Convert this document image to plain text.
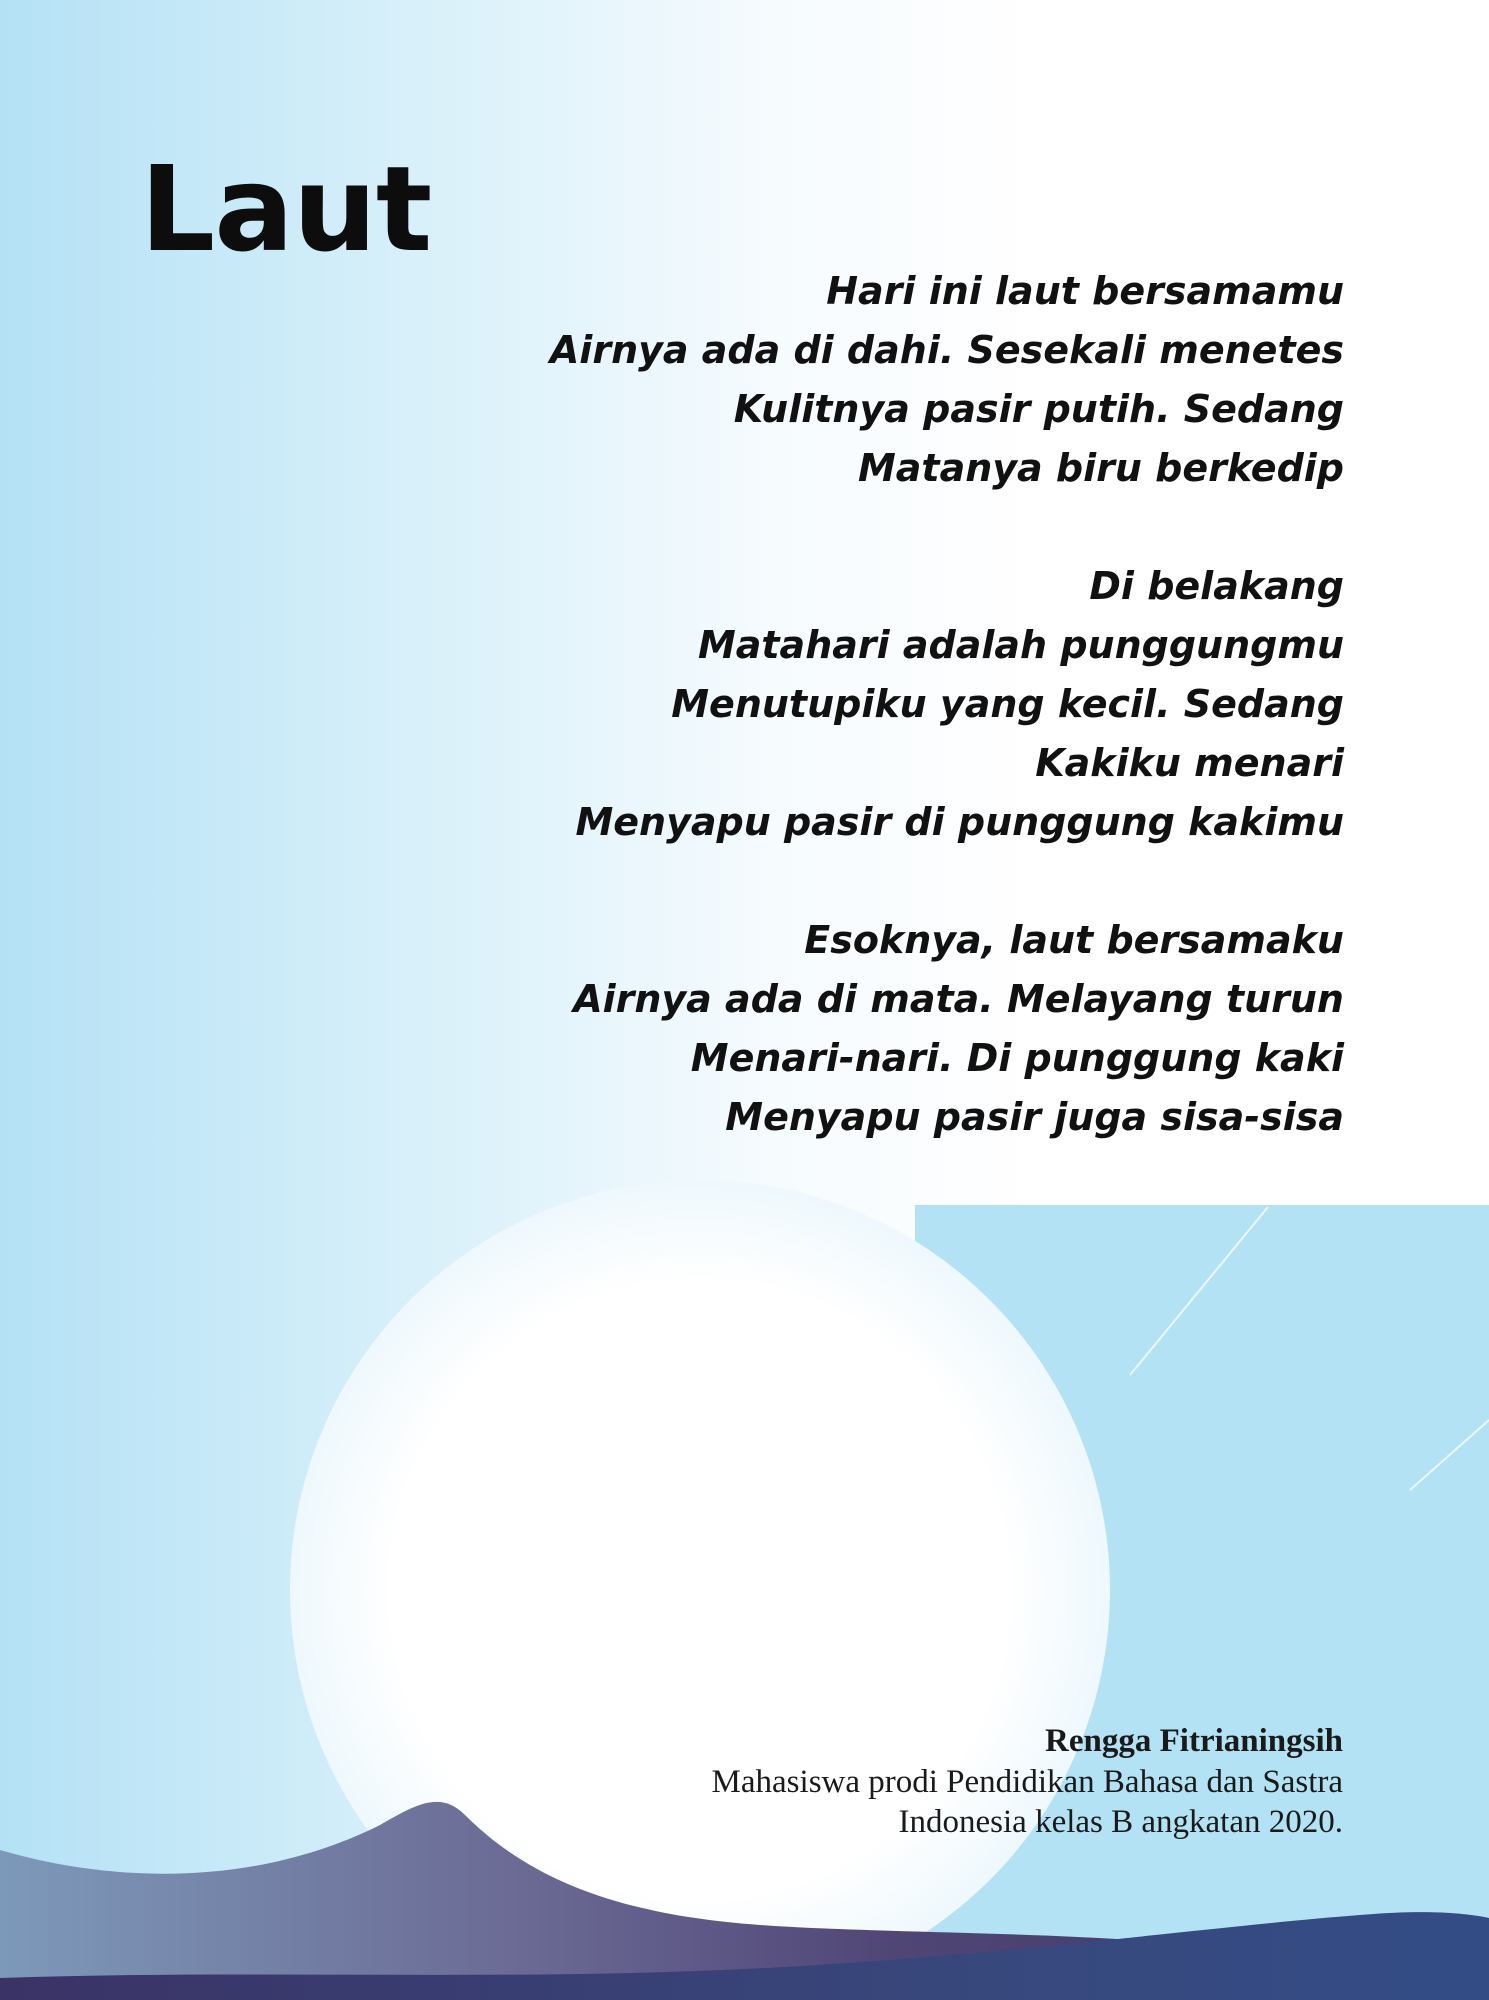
Laut

Hari ini laut bersamamu
Airnya ada di dahi. Sesekali menetes
Kulitnya pasir putih. Sedang
Matanya biru berkedip

Di belakang
Matahari adalah punggungmu
Menutupiku yang kecil. Sedang
Kakiku menari
Menyapu pasir di punggung kakimu

Esoknya, laut bersamaku
Airnya ada di mata. Melayang turun
Menari-nari. Di punggung kaki
Menyapu pasir juga sisa-sisa

Rengga Fitrianingsih
Mahasiswa prodi Pendidikan Bahasa dan Sastra
Indonesia kelas B angkatan 2020.
